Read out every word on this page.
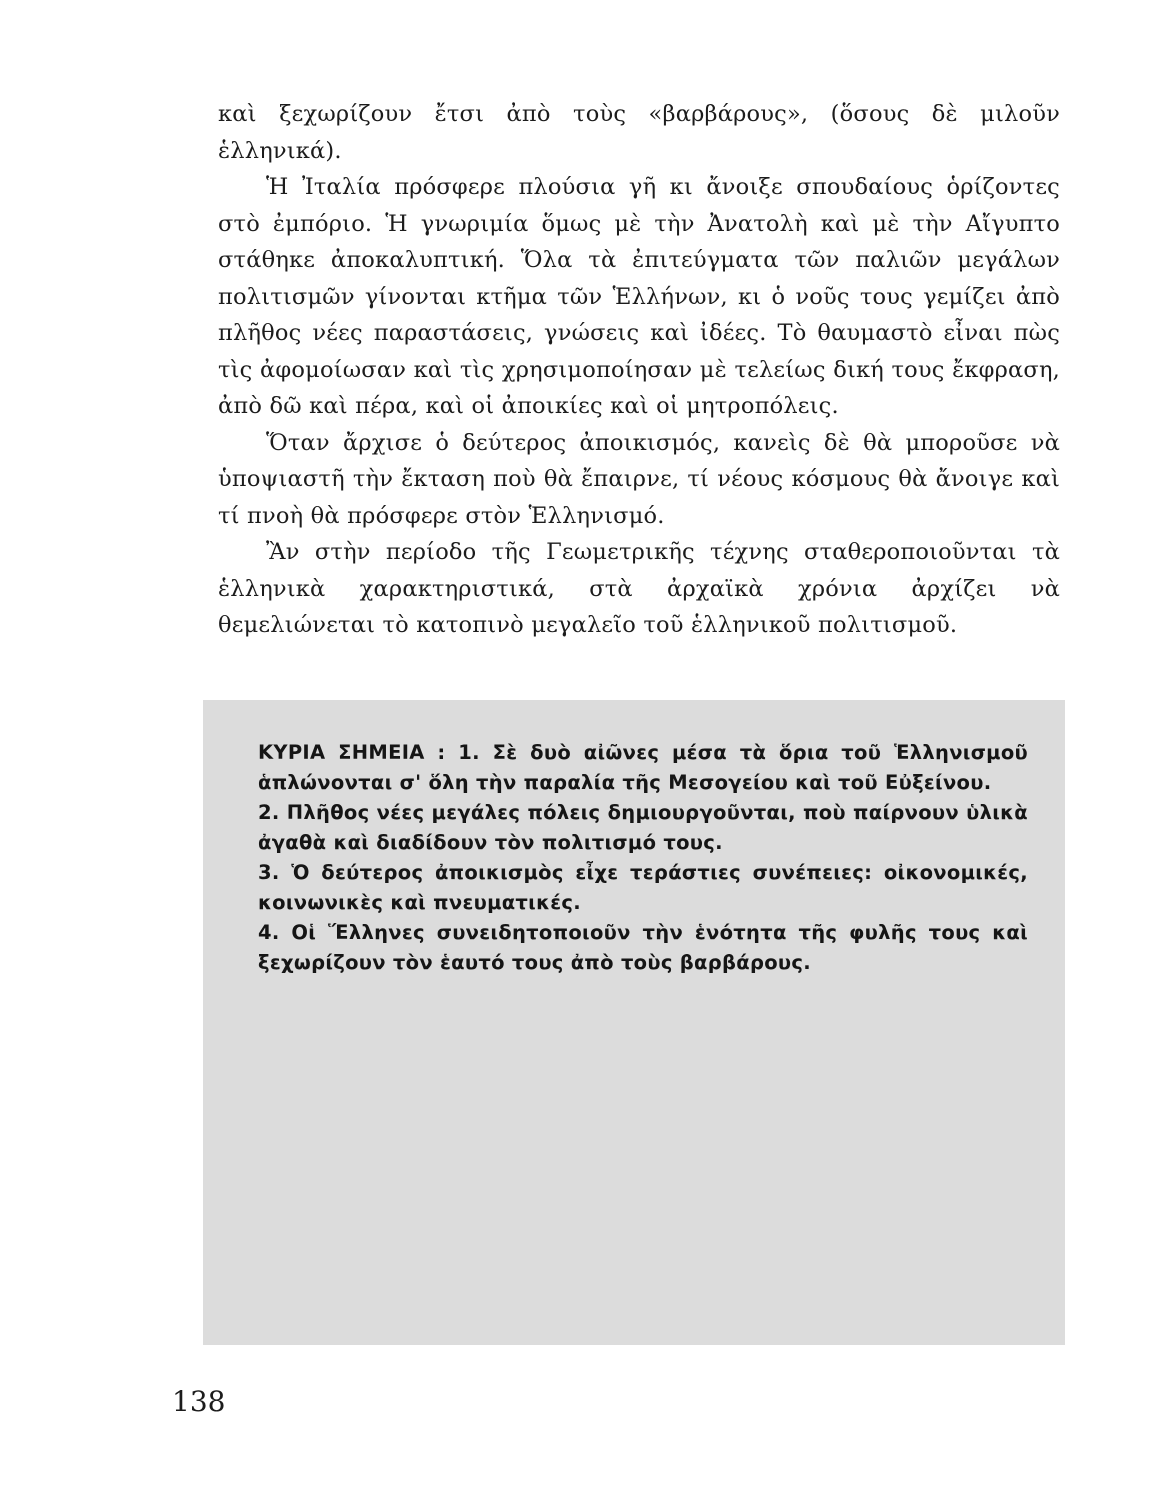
καὶ ξεχωρίζουν ἔτσι ἀπὸ τοὺς «βαρβάρους», (ὅσους δὲ μιλοῦν ἑλληνικά).

Ἡ Ἰταλία πρόσφερε πλούσια γῆ κι ἄνοιξε σπουδαίους ὁρίζοντες στὸ ἐμπόριο. Ἡ γνωριμία ὅμως μὲ τὴν Ἀνατολὴ καὶ μὲ τὴν Αἴγυπτο στάθηκε ἀποκαλυπτική. Ὅλα τὰ ἐπιτεύγματα τῶν παλιῶν μεγάλων πολιτισμῶν γίνονται κτῆμα τῶν Ἑλλήνων, κι ὁ νοῦς τους γεμίζει ἀπὸ πλῆθος νέες παραστάσεις, γνώσεις καὶ ἰδέες. Τὸ θαυμαστὸ εἶναι πὼς τὶς ἀφομοίωσαν καὶ τὶς χρησιμοποίησαν μὲ τελείως δική τους ἔκφραση, ἀπὸ δῶ καὶ πέρα, καὶ οἱ ἀποικίες καὶ οἱ μητροπόλεις.

Ὅταν ἄρχισε ὁ δεύτερος ἀποικισμός, κανεὶς δὲ θὰ μποροῦσε νὰ ὑποψιαστῆ τὴν ἔκταση ποὺ θὰ ἔπαιρνε, τί νέους κόσμους θὰ ἄνοιγε καὶ τί πνοὴ θὰ πρόσφερε στὸν Ἑλληνισμό.

Ἂν στὴν περίοδο τῆς Γεωμετρικῆς τέχνης σταθεροποιοῦνται τὰ ἑλληνικὰ χαρακτηριστικά, στὰ ἀρχαϊκὰ χρόνια ἀρχίζει νὰ θεμελιώνεται τὸ κατοπινὸ μεγαλεῖο τοῦ ἑλληνικοῦ πολιτισμοῦ.

ΚΥΡΙΑ ΣΗΜΕΙΑ : 1. Σὲ δυὸ αἰῶνες μέσα τὰ ὅρια τοῦ Ἑλληνισμοῦ ἁπλώνονται σ' ὅλη τὴν παραλία τῆς Μεσογείου καὶ τοῦ Εὐξείνου.

2. Πλῆθος νέες μεγάλες πόλεις δημιουργοῦνται, ποὺ παίρνουν ὑλικὰ ἀγαθὰ καὶ διαδίδουν τὸν πολιτισμό τους.

3. Ὁ δεύτερος ἀποικισμὸς εἶχε τεράστιες συνέπειες: οἰκονομικές, κοινωνικὲς καὶ πνευματικές.

4. Οἱ Ἕλληνες συνειδητοποιοῦν τὴν ἑνότητα τῆς φυλῆς τους καὶ ξεχωρίζουν τὸν ἑαυτό τους ἀπὸ τοὺς βαρβάρους.

138
